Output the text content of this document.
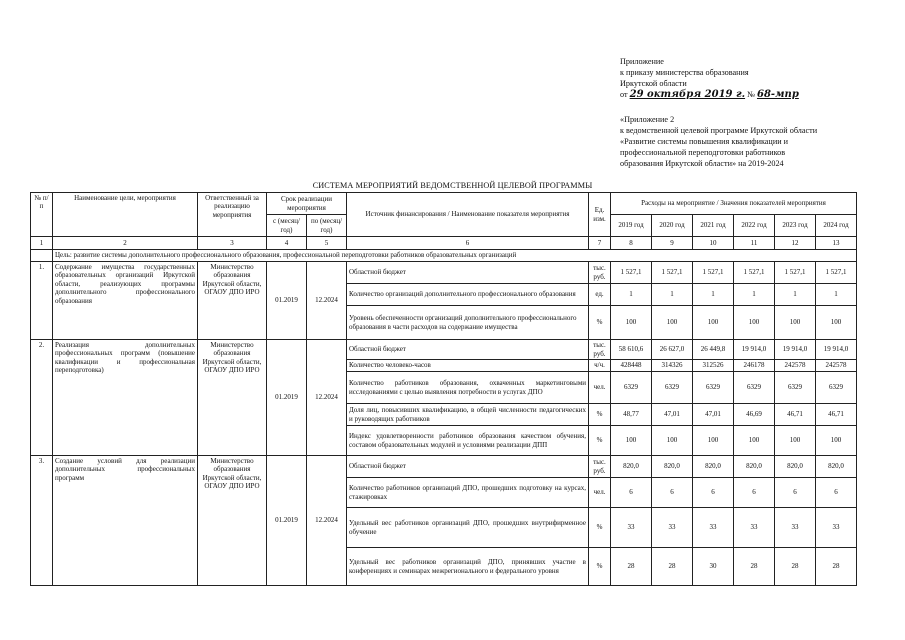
Приложение
к приказу министерства образования
Иркутской области
от 29 октября 2019 г. № 68-мпр
«Приложение 2
к ведомственной целевой программе Иркутской области
«Развитие системы повышения квалификации и
профессиональной переподготовки работников
образования Иркутской области» на 2019-2024
СИСТЕМА МЕРОПРИЯТИЙ ВЕДОМСТВЕННОЙ ЦЕЛЕВОЙ ПРОГРАММЫ
№ п/п	Наименование цели, мероприятия	Ответственный за реализацию мероприятия	Срок реализации мероприятия		Источник финансирования / Наименование показателя мероприятия	Ед. изм.	Расходы на мероприятие / Значения показателей мероприятия					
			с (месяц/ год)	по (месяц/ год)			2019 год	2020 год	2021 год	2022 год	2023 год	2024 год
1	2	3	4	5	6	7	8	9	10	11	12	13
	Цель: развитие системы дополнительного профессионального образования, профессиональной переподготовки работников образовательных организаций											
1.	Содержание имущества государственных образовательных организаций Иркутской области, реализующих программы дополнительного профессионального образования	Министерство образования Иркутской области, ОГАОУ ДПО ИРО	01.2019	12.2024	Областной бюджет	тыс. руб.	1 527,1	1 527,1	1 527,1	1 527,1	1 527,1	1 527,1
					Количество организаций дополнительного профессионального образования	ед.	1	1	1	1	1	1
					Уровень обеспеченности организаций дополнительного профессионального образования в части расходов на содержание имущества	%	100	100	100	100	100	100
2.	Реализация дополнительных профессиональных программ (повышение квалификации и профессиональная переподготовка)	Министерство образования Иркутской области, ОГАОУ ДПО ИРО	01.2019	12.2024	Областной бюджет	тыс. руб.	58 610,6	26 627,0	26 449,8	19 914,0	19 914,0	19 914,0
					Количество человеко-часов	ч/ч.	428448	314326	312526	246178	242578	242578
					Количество работников образования, охваченных маркетинговыми исследованиями с целью выявления потребности в услугах ДПО	чел.	6329	6329	6329	6329	6329	6329
					Доля лиц, повысивших квалификацию, в общей численности педагогических и руководящих работников	%	48,77	47,01	47,01	46,69	46,71	46,71
					Индекс удовлетворенности работников образования качеством обучения, составом образовательных модулей и условиями реализации ДПП	%	100	100	100	100	100	100
3.	Создание условий для реализации дополнительных профессиональных программ	Министерство образования Иркутской области, ОГАОУ ДПО ИРО	01.2019	12.2024	Областной бюджет	тыс. руб.	820,0	820,0	820,0	820,0	820,0	820,0
					Количество работников организаций ДПО, прошедших подготовку на курсах, стажировках	чел.	6	6	6	6	6	6
					Удельный вес работников организаций ДПО, прошедших внутрифирменное обучение	%	33	33	33	33	33	33
					Удельный вес работников организаций ДПО, принявших участие в конференциях и семинарах межрегионального и федерального уровня	%	28	28	30	28	28	28
